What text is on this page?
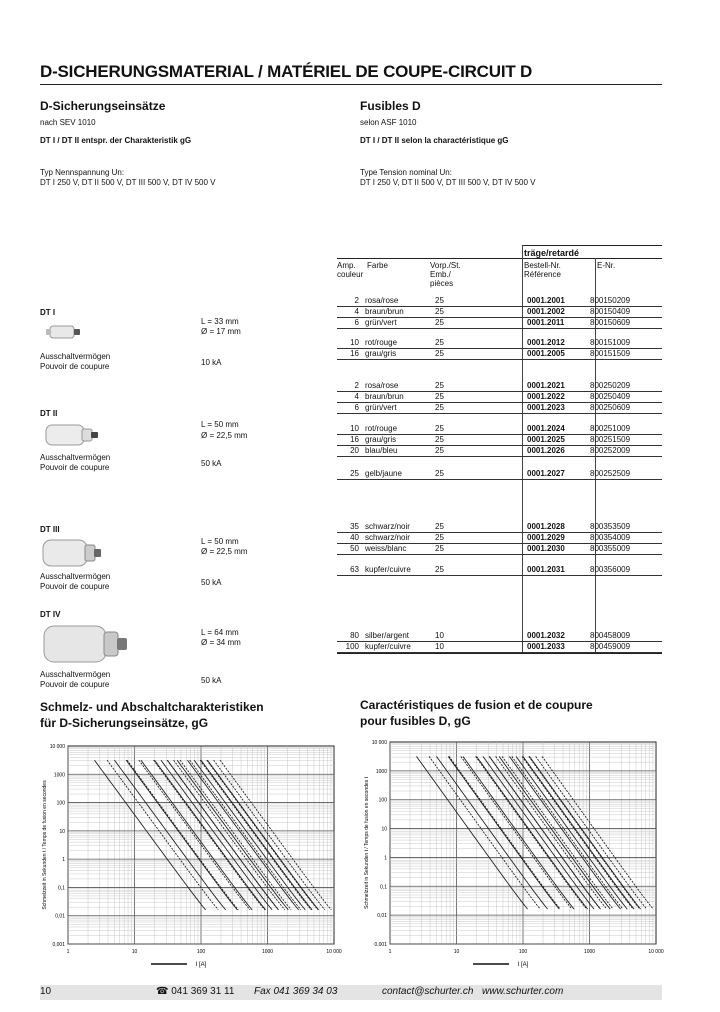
D-SICHERUNGSMATERIAL / MATÉRIEL DE COUPE-CIRCUIT D
D-Sicherungseinsätze
nach SEV 1010
DT I / DT II entspr. der Charakteristik gG
Typ Nennspannung Un:
DT I 250 V, DT II 500 V, DT III 500 V, DT IV 500 V
Fusibles D
selon ASF 1010
DT I / DT II selon la charactéristique gG
Type Tension nominal Un:
DT I 250 V, DT II 500 V, DT III 500 V, DT IV 500 V
DT I
L = 33 mm
Ø = 17 mm
Ausschaltvermögen
Pouvoir de coupure	10 kA
DT II
L = 50 mm
Ø = 22,5 mm
Ausschaltvermögen
Pouvoir de coupure	50 kA
DT III
L = 50 mm
Ø = 22,5 mm
Ausschaltvermögen
Pouvoir de coupure	50 kA
DT IV
L = 64 mm
Ø = 34 mm
Ausschaltvermögen
Pouvoir de coupure	50 kA
träge/retardé
Amp.
couleur
Farbe	Vorp./St.
Emb./
pièces
Bestell-Nr.
Référence
E-Nr.
2	rosa/rose	25	0001.2001	800150209
4	braun/brun	25	0001.2002	800150409
6	grün/vert	25	0001.2011	800150609
10	rot/rouge	25	0001.2012	800151009
16	grau/gris	25	0001.2005	800151509
2	rosa/rose	25	0001.2021	800250209
4	braun/brun	25	0001.2022	800250409
6	grün/vert	25	0001.2023	800250609
10	rot/rouge	25	0001.2024	800251009
16	grau/gris	25	0001.2025	800251509
20	blau/bleu	25	0001.2026	800252009
25	gelb/jaune	25	0001.2027	800252509
35	schwarz/noir	25	0001.2028	800353509
40	schwarz/noir	25	0001.2029	800354009
50	weiss/blanc	25	0001.2030	800355009
63	kupfer/cuivre	25	0001.2031	800356009
80	silber/argent	10	0001.2032	800458009
100	kupfer/cuivre	10	0001.2033	800459009
Schmelz- und Abschaltcharakteristiken
für D-Sicherungseinsätze, gG
Caractéristiques de fusion et de coupure
pour fusibles D, gG
10 000
1000
100
10
1
0,1
0,01
0,001
1	10	100	1000	10 000
I [A]
Schmelzzeit in Sekunden t / Temps de fusion en secondes
10 000
1000
100
10
1
0,1
0,01
0,001
1	10	100	1000	10 000
I [A]
Schmelzzeit in Sekunden t / Temps de fusion en secondes t
10	☎ 041 369 31 11 Fax 041 369 34 03	contact@schurter.ch www.schurter.com
